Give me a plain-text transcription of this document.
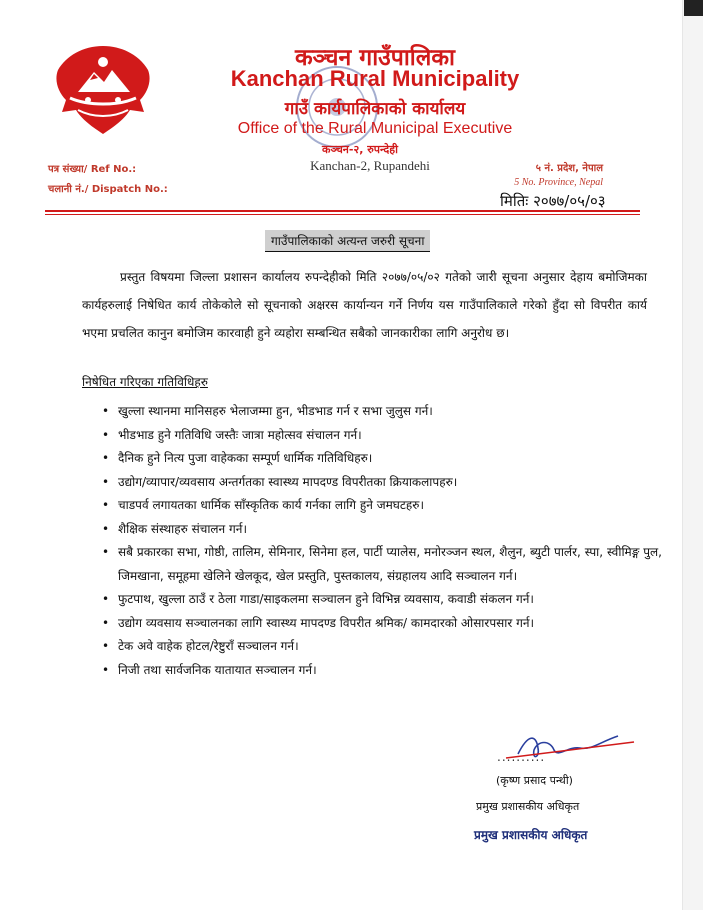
कञ्चन गाउँपालिका
Kanchan Rural Municipality
गाउँ कार्यपालिकाको कार्यालय
Office of the Rural Municipal Executive
कञ्चन-२, रुपन्देही
Kanchan-2, Rupandehi
पत्र संख्या/ Ref No.:
चलानी नं./ Dispatch No.:
५ नं. प्रदेश, नेपाल
5 No. Province, Nepal
मितिः २०७७/०५/०३
गाउँपालिकाको अत्यन्त जरुरी सूचना

प्रस्तुत विषयमा जिल्ला प्रशासन कार्यालय रुपन्देहीको मिति २०७७/०५/०२ गतेको जारी सूचना अनुसार देहाय बमोजिमका कार्यहरुलाई निषेधित कार्य तोकेकोले सो सूचनाको अक्षरस कार्यान्यन गर्ने निर्णय यस गाउँपालिकाले गरेको हुँदा सो विपरीत कार्य भएमा प्रचलित कानुन बमोजिम कारवाही हुने व्यहोरा सम्बन्धित सबैको जानकारीका लागि अनुरोध छ।

निषेधित गरिएका गतिविधिहरु
• खुल्ला स्थानमा मानिसहरु भेलाजम्मा हुन, भीडभाड गर्न र सभा जुलुस गर्न।
• भीडभाड हुने गतिविधि जस्तैः जात्रा महोत्सव संचालन गर्न।
• दैनिक हुने नित्य पुजा वाहेकका सम्पूर्ण धार्मिक गतिविधिहरु।
• उद्योग/व्यापार/व्यवसाय अन्तर्गतका स्वास्थ्य मापदण्ड विपरीतका क्रियाकलापहरु।
• चाडपर्व लगायतका धार्मिक साँस्कृतिक कार्य गर्नका लागि हुने जमघटहरु।
• शैक्षिक संस्थाहरु संचालन गर्न।
• सबै प्रकारका सभा, गोष्ठी, तालिम, सेमिनार, सिनेमा हल, पार्टी प्यालेस, मनोरञ्जन स्थल, शैलुन, ब्युटी पार्लर, स्पा, स्वीमिङ्ग पुल, जिमखाना, समूहमा खेलिने खेलकूद, खेल प्रस्तुति, पुस्तकालय, संग्रहालय आदि सञ्चालन गर्न।
• फुटपाथ, खुल्ला ठाउँ र ठेला गाडा/साइकलमा सञ्चालन हुने विभिन्न व्यवसाय, कवाडी संकलन गर्न।
• उद्योग व्यवसाय सञ्चालनका लागि स्वास्थ्य मापदण्ड विपरीत श्रमिक/ कामदारको ओसारपसार गर्न।
• टेक अवे वाहेक होटल/रेष्टुराँ सञ्चालन गर्न।
• निजी तथा सार्वजनिक यातायात सञ्चालन गर्न।
..........
(कृष्ण प्रसाद पन्थी)
प्रमुख प्रशासकीय अधिकृत
प्रमुख प्रशासकीय अधिकृत
